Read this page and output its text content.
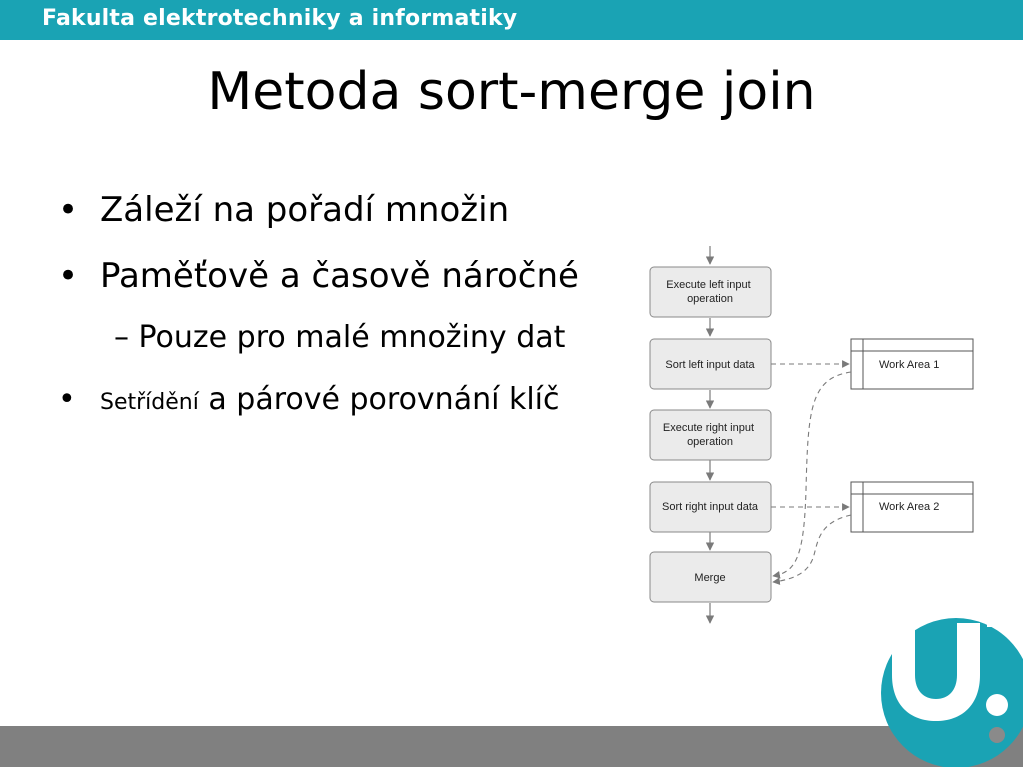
Fakulta elektrotechniky a informatiky
Metoda sort-merge join
• Záleží na pořadí množin
• Paměťově a časově náročné
– Pouze pro malé množiny dat
• Setřídění a párové porovnání klíč
Execute left input operation
Sort left input data
Execute right input operation
Sort right input data
Merge
Work Area 1
Work Area 2
